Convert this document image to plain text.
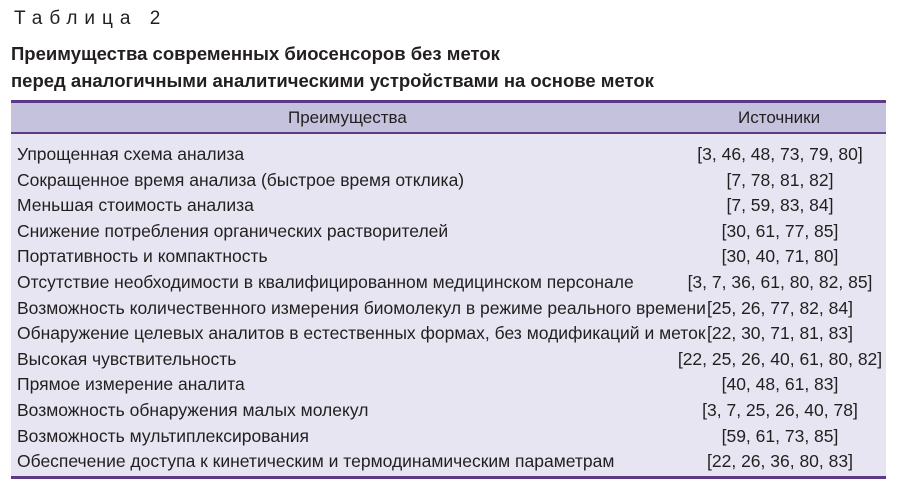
Таблица 2
Преимущества современных биосенсоров без меток
перед аналогичными аналитическими устройствами на основе меток
Преимущества	Источники
Упрощенная схема анализа	[3, 46, 48, 73, 79, 80]
Сокращенное время анализа (быстрое время отклика)	[7, 78, 81, 82]
Меньшая стоимость анализа	[7, 59, 83, 84]
Снижение потребления органических растворителей	[30, 61, 77, 85]
Портативность и компактность	[30, 40, 71, 80]
Отсутствие необходимости в квалифицированном медицинском персонале	[3, 7, 36, 61, 80, 82, 85]
Возможность количественного измерения биомолекул в режиме реального времени [25, 26, 77, 82, 84]
Обнаружение целевых аналитов в естественных формах, без модификаций и меток [22, 30, 71, 81, 83]
Высокая чувствительность	[22, 25, 26, 40, 61, 80, 82]
Прямое измерение аналита	[40, 48, 61, 83]
Возможность обнаружения малых молекул	[3, 7, 25, 26, 40, 78]
Возможность мультиплексирования	[59, 61, 73, 85]
Обеспечение доступа к кинетическим и термодинамическим параметрам	[22, 26, 36, 80, 83]
